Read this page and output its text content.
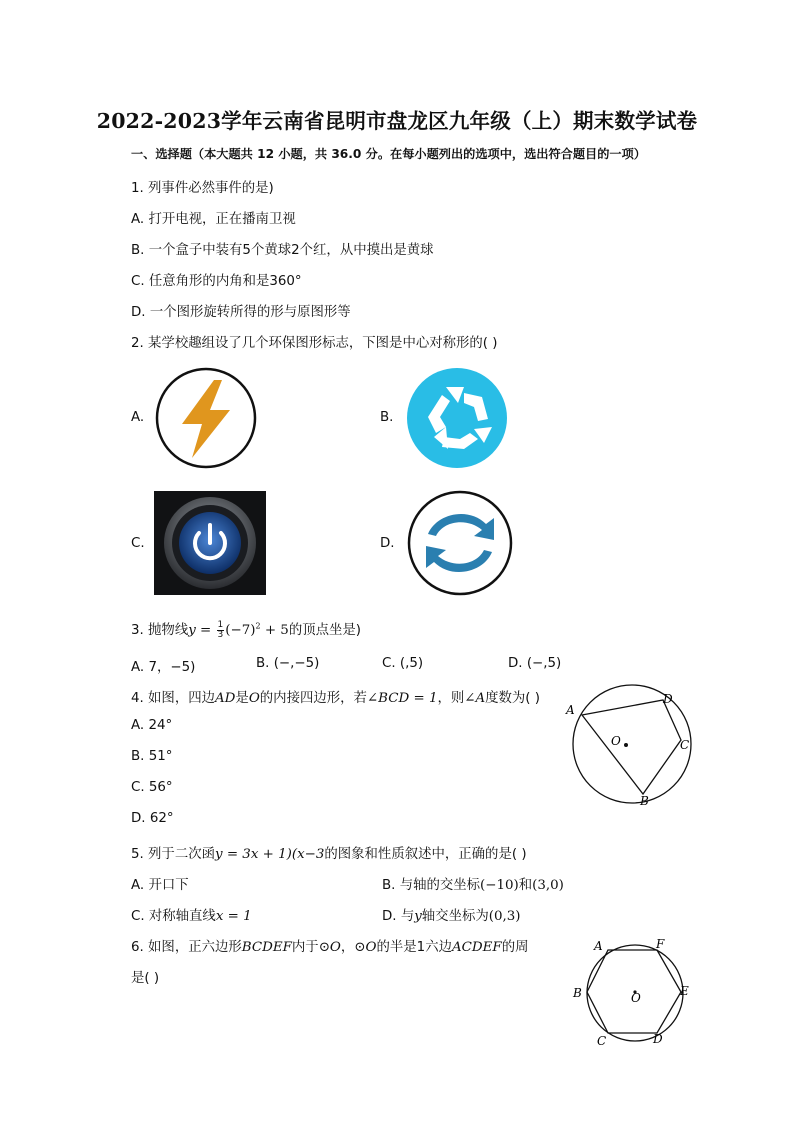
2022-2023学年云南省昆明市盘龙区九年级（上）期末数学试卷
一、选择题（本大题共 12 小题，共 36.0 分。在每小题列出的选项中，选出符合题目的一项）
1. 列事件必然事件的是)
A. 打开电视，正在播南卫视
B. 一个盒子中装有5个黄球2个红，从中摸出是黄球
C. 任意角形的内角和是360°
D. 一个图形旋转所得的形与原图形等
2. 某学校趣组设了几个环保图形标志，下图是中心对称形的( )
A.	B.
C.	D.
3. 抛物线$y = \frac{1}{3} (-7)^2 + 5$的顶点坐是)
A. 7，−5)	B. (−,−5)	C. (,5)	D. (−,5)
4. 如图，四边AD是O的内接四边形，若∠BCD = 1，则∠A度数为( )
A. 24°
B. 51°
C. 56°
D. 62°
A
D
C
B
O
5. 列于二次函y = 3x + 1)(x−3的图象和性质叙述中，正确的是( )
A. 开口下	B. 与轴的交坐标(−10)和(3,0)
C. 对称轴直线x = 1	D. 与y轴交坐标为(0,3)
6. 如图，正六边形BCDEF内于⊙O，⊙O的半是1六边ACDEF的周
是( )
A	F
B	E
C	D
O
